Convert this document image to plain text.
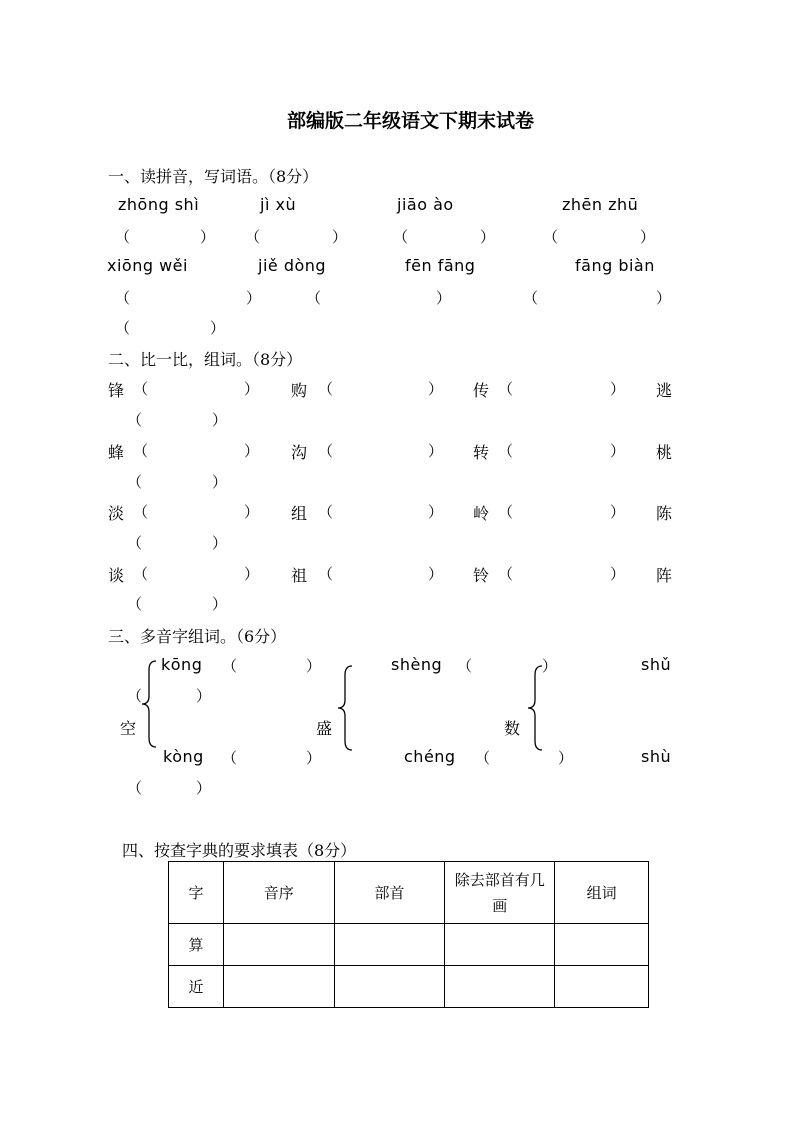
部编版二年级语文下期末试卷
一、读拼音，写词语。（8分）
zhōng shì	jì xù	jiāo ào	zhēn zhū
（	） （	）	（	）	（	）
xiōng wěi	jiě dòng	fēn fāng	fāng biàn
（	）	（	）	（	）
（	）
二、比一比，组词。（8分）
锋 （	） 购 （	） 传 （	） 逃
（	）
蜂 （	） 沟 （	） 转 （	） 桃
（	）
淡 （	） 组 （	） 岭 （	） 陈
（	）
谈 （	） 祖 （	） 铃 （	） 阵
（	）
三、多音字组词。（6分）
kōng （	）
（	）
空
kòng （	）
（	）
shèng （	）
盛
chéng （	）
shǔ
数
shù
四、按查字典的要求填表（8分）
字	音序	部首	除去部首有几画	组词
算				
近				
